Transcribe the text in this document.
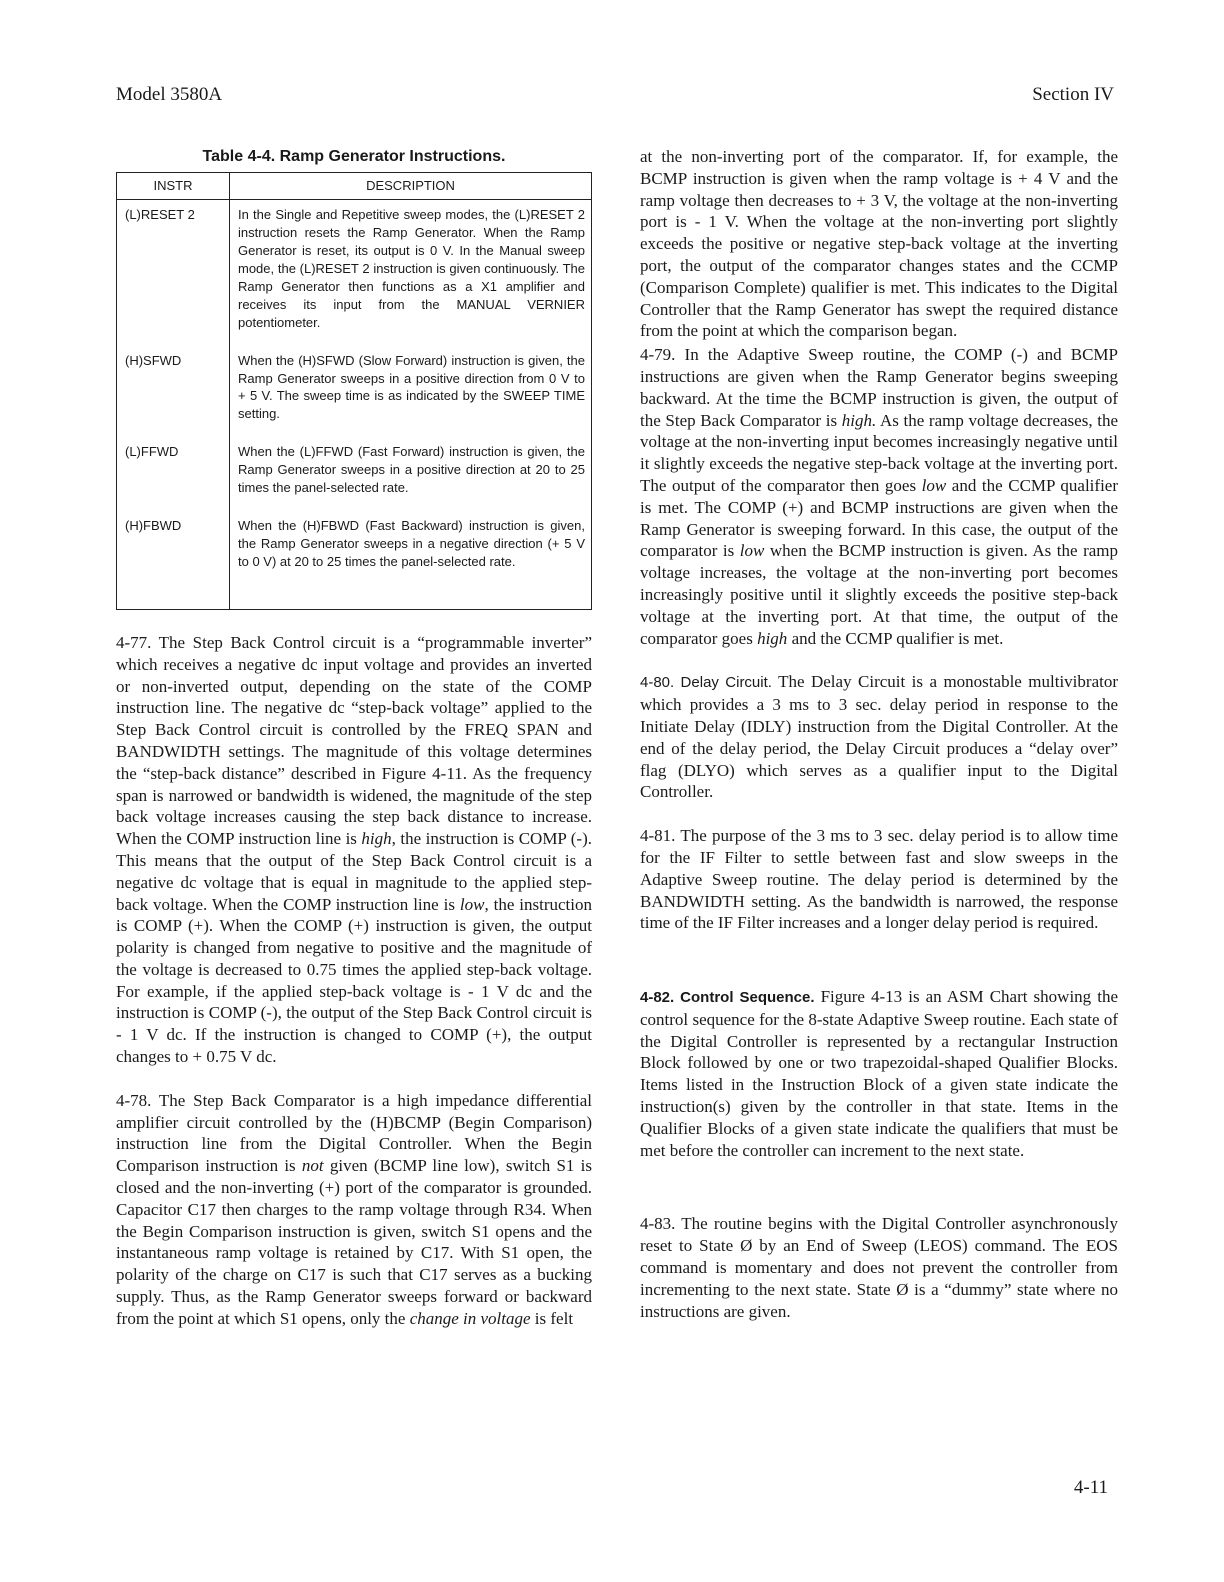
Model 3580A	Section IV
Table 4-4. Ramp Generator Instructions.
INSTR	DESCRIPTION

(L)RESET 2	In the Single and Repetitive sweep modes, the (L)RESET 2 instruction resets the Ramp Generator. When the Ramp Generator is reset, its output is 0 V. In the Manual sweep mode, the (L)RESET 2 instruction is given continuously. The Ramp Generator then functions as a X1 amplifier and receives its input from the MANUAL VERNIER potentiometer.

(H)SFWD	When the (H)SFWD (Slow Forward) instruction is given, the Ramp Generator sweeps in a positive direction from 0 V to + 5 V. The sweep time is as indicated by the SWEEP TIME setting.

(L)FFWD	When the (L)FFWD (Fast Forward) instruction is given, the Ramp Generator sweeps in a positive direction at 20 to 25 times the panel-selected rate.

(H)FBWD	When the (H)FBWD (Fast Backward) instruction is given, the Ramp Generator sweeps in a negative direction (+ 5 V to 0 V) at 20 to 25 times the panel-selected rate.

4-77. The Step Back Control circuit is a “programmable inverter” which receives a negative dc input voltage and provides an inverted or non-inverted output, depending on the state of the COMP instruction line. The negative dc “step-back voltage” applied to the Step Back Control circuit is controlled by the FREQ SPAN and BANDWIDTH settings. The magnitude of this voltage determines the “step-back distance” described in Figure 4-11. As the frequency span is narrowed or bandwidth is widened, the magnitude of the step back voltage increases causing the step back distance to increase. When the COMP instruction line is high, the instruction is COMP (-). This means that the output of the Step Back Control circuit is a negative dc voltage that is equal in magnitude to the applied step-back voltage. When the COMP instruction line is low, the instruction is COMP (+). When the COMP (+) instruction is given, the output polarity is changed from negative to positive and the magnitude of the voltage is decreased to 0.75 times the applied step-back voltage. For example, if the applied step-back voltage is - 1 V dc and the instruction is COMP (-), the output of the Step Back Control circuit is - 1 V dc. If the instruction is changed to COMP (+), the output changes to + 0.75 V dc.

4-78. The Step Back Comparator is a high impedance differential amplifier circuit controlled by the (H)BCMP (Begin Comparison) instruction line from the Digital Controller. When the Begin Comparison instruction is not given (BCMP line low), switch S1 is closed and the non-inverting (+) port of the comparator is grounded. Capacitor C17 then charges to the ramp voltage through R34. When the Begin Comparison instruction is given, switch S1 opens and the instantaneous ramp voltage is retained by C17. With S1 open, the polarity of the charge on C17 is such that C17 serves as a bucking supply. Thus, as the Ramp Generator sweeps forward or backward from the point at which S1 opens, only the change in voltage is felt

at the non-inverting port of the comparator. If, for example, the BCMP instruction is given when the ramp voltage is + 4 V and the ramp voltage then decreases to + 3 V, the voltage at the non-inverting port is - 1 V. When the voltage at the non-inverting port slightly exceeds the positive or negative step-back voltage at the inverting port, the output of the comparator changes states and the CCMP (Comparison Complete) qualifier is met. This indicates to the Digital Controller that the Ramp Generator has swept the required distance from the point at which the comparison began.

4-79. In the Adaptive Sweep routine, the COMP (-) and BCMP instructions are given when the Ramp Generator begins sweeping backward. At the time the BCMP instruction is given, the output of the Step Back Comparator is high. As the ramp voltage decreases, the voltage at the non-inverting input becomes increasingly negative until it slightly exceeds the negative step-back voltage at the inverting port. The output of the comparator then goes low and the CCMP qualifier is met. The COMP (+) and BCMP instructions are given when the Ramp Generator is sweeping forward. In this case, the output of the comparator is low when the BCMP instruction is given. As the ramp voltage increases, the voltage at the non-inverting port becomes increasingly positive until it slightly exceeds the positive step-back voltage at the inverting port. At that time, the output of the comparator goes high and the CCMP qualifier is met.

4-80. Delay Circuit. The Delay Circuit is a monostable multivibrator which provides a 3 ms to 3 sec. delay period in response to the Initiate Delay (IDLY) instruction from the Digital Controller. At the end of the delay period, the Delay Circuit produces a “delay over” flag (DLYO) which serves as a qualifier input to the Digital Controller.

4-81. The purpose of the 3 ms to 3 sec. delay period is to allow time for the IF Filter to settle between fast and slow sweeps in the Adaptive Sweep routine. The delay period is determined by the BANDWIDTH setting. As the bandwidth is narrowed, the response time of the IF Filter increases and a longer delay period is required.

4-82. Control Sequence. Figure 4-13 is an ASM Chart showing the control sequence for the 8-state Adaptive Sweep routine. Each state of the Digital Controller is represented by a rectangular Instruction Block followed by one or two trapezoidal-shaped Qualifier Blocks. Items listed in the Instruction Block of a given state indicate the instruction(s) given by the controller in that state. Items in the Qualifier Blocks of a given state indicate the qualifiers that must be met before the controller can increment to the next state.

4-83. The routine begins with the Digital Controller asynchronously reset to State Ø by an End of Sweep (LEOS) command. The EOS command is momentary and does not prevent the controller from incrementing to the next state. State Ø is a “dummy” state where no instructions are given.

4-11
